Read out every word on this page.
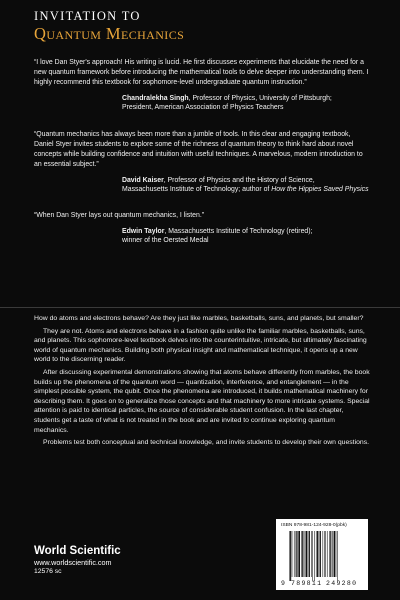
INVITATION TO
Quantum Mechanics

“I love Dan Styer's approach! His writing is lucid. He first discusses experiments that elucidate the need for a new quantum framework before introducing the mathematical tools to delve deeper into understanding them. I highly recommend this textbook for sophomore-level undergraduate quantum instruction.”

Chandralekha Singh, Professor of Physics, University of Pittsburgh;
President, American Association of Physics Teachers

“Quantum mechanics has always been more than a jumble of tools. In this clear and engaging textbook, Daniel Styer invites students to explore some of the richness of quantum theory to think hard about novel concepts while building confidence and intuition with useful techniques. A marvelous, modern introduction to an essential subject.”

David Kaiser, Professor of Physics and the History of Science,
Massachusetts Institute of Technology; author of How the Hippies Saved Physics

“When Dan Styer lays out quantum mechanics, I listen.”

Edwin Taylor, Massachusetts Institute of Technology (retired);
winner of the Oersted Medal

How do atoms and electrons behave? Are they just like marbles, basketballs, suns, and planets, but smaller?

They are not. Atoms and electrons behave in a fashion quite unlike the familiar marbles, basketballs, suns, and planets. This sophomore-level textbook delves into the counterintuitive, intricate, but ultimately fascinating world of quantum mechanics. Building both physical insight and mathematical technique, it opens up a new world to the discerning reader.

After discussing experimental demonstrations showing that atoms behave differently from marbles, the book builds up the phenomena of the quantum word — quantization, interference, and entanglement — in the simplest possible system, the qubit. Once the phenomena are introduced, it builds mathematical machinery for describing them. It goes on to generalize those concepts and that machinery to more intricate systems. Special attention is paid to identical particles, the source of considerable student confusion. In the last chapter, students get a taste of what is not treated in the book and are invited to continue exploring quantum mechanics.

Problems test both conceptual and technical knowledge, and invite students to develop their own questions.

World Scientific
www.worldscientific.com
12576 sc
ISBN 978-981-124-928-0(pbk)
9 789811 249280
